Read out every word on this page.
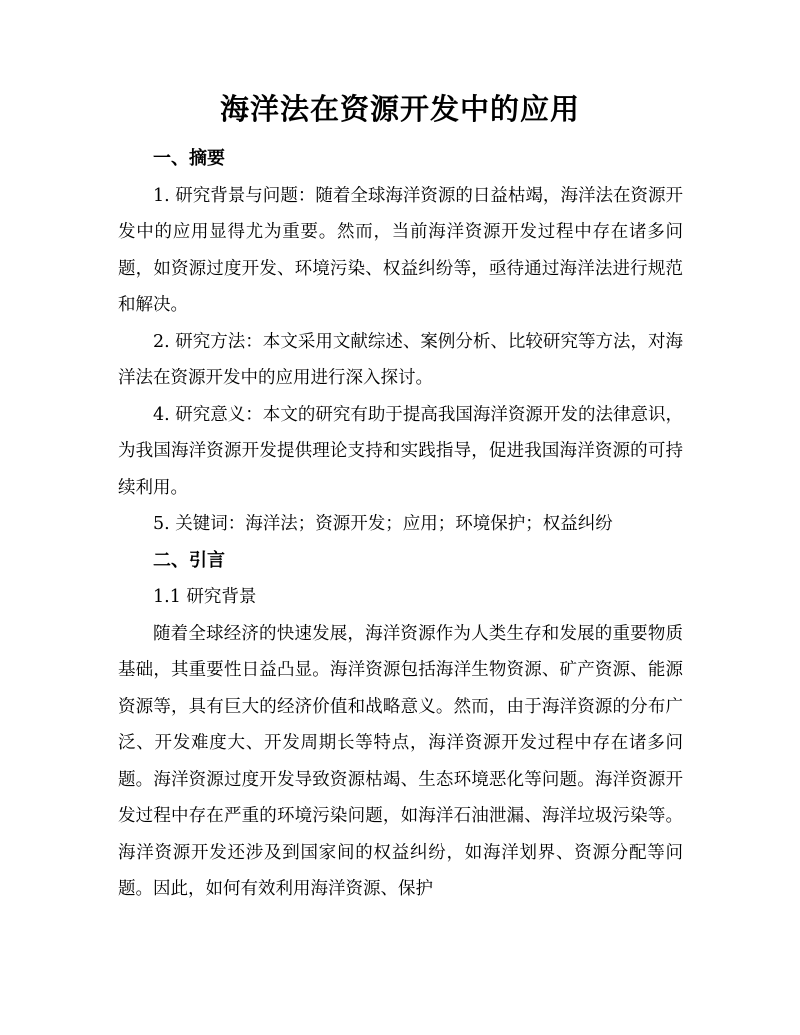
海洋法在资源开发中的应用

一、摘要

1. 研究背景与问题：随着全球海洋资源的日益枯竭，海洋法在资源开发中的应用显得尤为重要。然而，当前海洋资源开发过程中存在诸多问题，如资源过度开发、环境污染、权益纠纷等，亟待通过海洋法进行规范和解决。

2. 研究方法：本文采用文献综述、案例分析、比较研究等方法，对海洋法在资源开发中的应用进行深入探讨。

4. 研究意义：本文的研究有助于提高我国海洋资源开发的法律意识，为我国海洋资源开发提供理论支持和实践指导，促进我国海洋资源的可持续利用。

5. 关键词：海洋法；资源开发；应用；环境保护；权益纠纷

二、引言

1.1 研究背景

随着全球经济的快速发展，海洋资源作为人类生存和发展的重要物质基础，其重要性日益凸显。海洋资源包括海洋生物资源、矿产资源、能源资源等，具有巨大的经济价值和战略意义。然而，由于海洋资源的分布广泛、开发难度大、开发周期长等特点，海洋资源开发过程中存在诸多问题。海洋资源过度开发导致资源枯竭、生态环境恶化等问题。海洋资源开发过程中存在严重的环境污染问题，如海洋石油泄漏、海洋垃圾污染等。海洋资源开发还涉及到国家间的权益纠纷，如海洋划界、资源分配等问题。因此，如何有效利用海洋资源、保护
